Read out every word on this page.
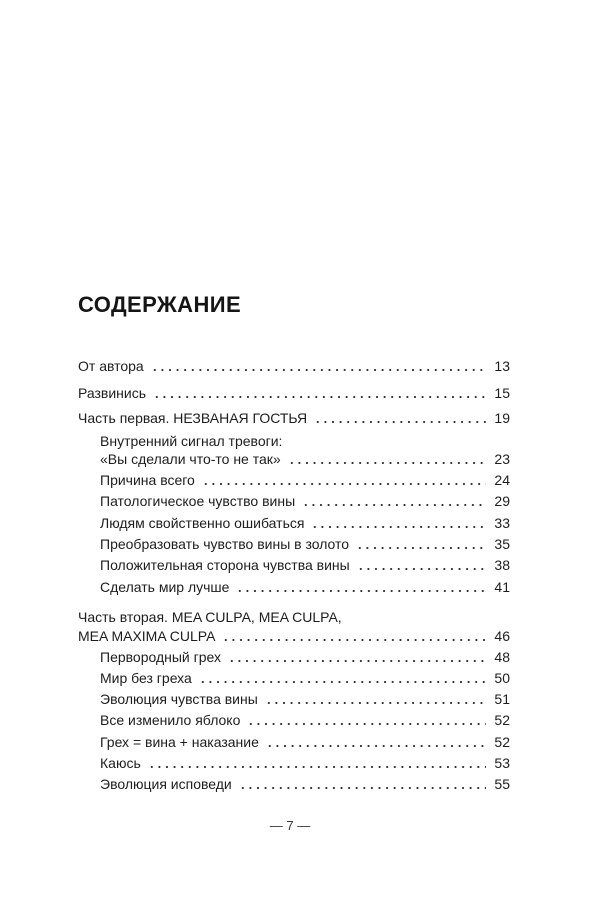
СОДЕРЖАНИЕ
От автора	13
Развинись	15
Часть первая. НЕЗВАНАЯ ГОСТЬЯ	19
Внутренний сигнал тревоги:
«Вы сделали что-то не так»	23
Причина всего	24
Патологическое чувство вины	29
Людям свойственно ошибаться	33
Преобразовать чувство вины в золото	35
Положительная сторона чувства вины	38
Сделать мир лучше	41
Часть вторая. MEA CULPA, MEA CULPA,
MEA MAXIMA CULPA	46
Первородный грех	48
Мир без греха	50
Эволюция чувства вины	51
Все изменило яблоко	52
Грех = вина + наказание	52
Каюсь	53
Эволюция исповеди	55
— 7 —
